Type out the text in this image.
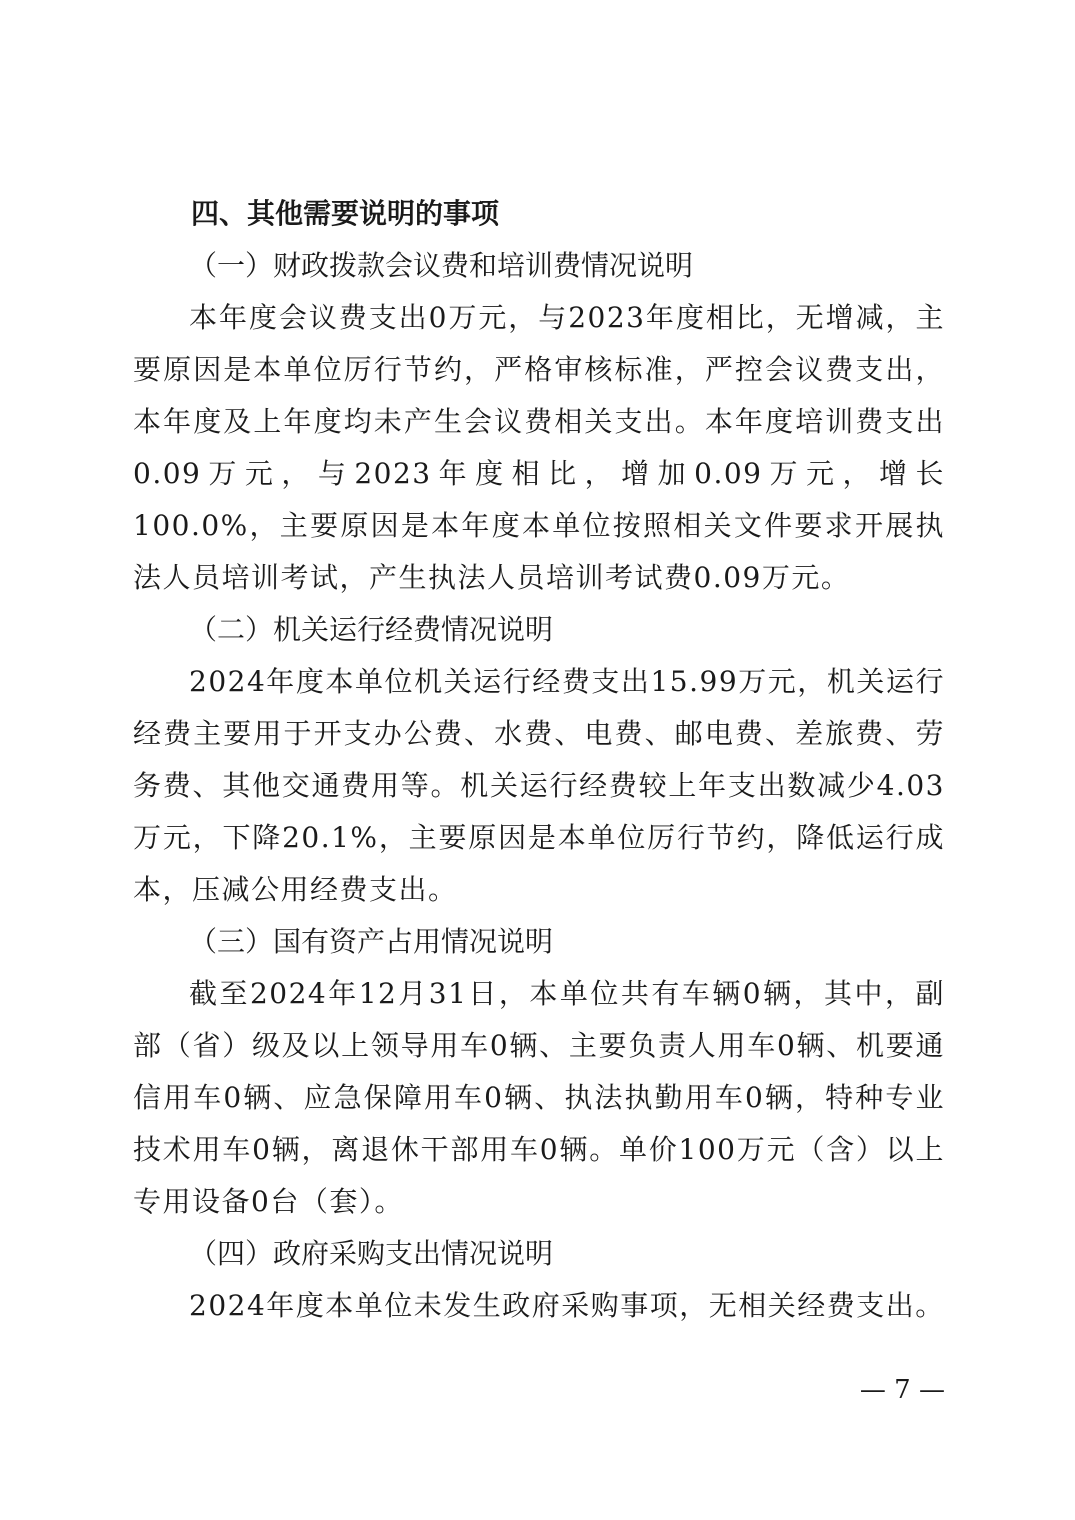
四、其他需要说明的事项

（一）财政拨款会议费和培训费情况说明

本年度会议费支出0万元，与2023年度相比，无增减，主要原因是本单位厉行节约，严格审核标准，严控会议费支出，本年度及上年度均未产生会议费相关支出。本年度培训费支出0.09万元，与2023年度相比，增加0.09万元，增长100.0%，主要原因是本年度本单位按照相关文件要求开展执法人员培训考试，产生执法人员培训考试费0.09万元。

（二）机关运行经费情况说明

2024年度本单位机关运行经费支出15.99万元，机关运行经费主要用于开支办公费、水费、电费、邮电费、差旅费、劳务费、其他交通费用等。机关运行经费较上年支出数减少4.03万元，下降20.1%，主要原因是本单位厉行节约，降低运行成本，压减公用经费支出。

（三）国有资产占用情况说明

截至2024年12月31日，本单位共有车辆0辆，其中，副部（省）级及以上领导用车0辆、主要负责人用车0辆、机要通信用车0辆、应急保障用车0辆、执法执勤用车0辆，特种专业技术用车0辆，离退休干部用车0辆。单价100万元（含）以上专用设备0台（套）。

（四）政府采购支出情况说明

2024年度本单位未发生政府采购事项，无相关经费支出。

— 7 —
